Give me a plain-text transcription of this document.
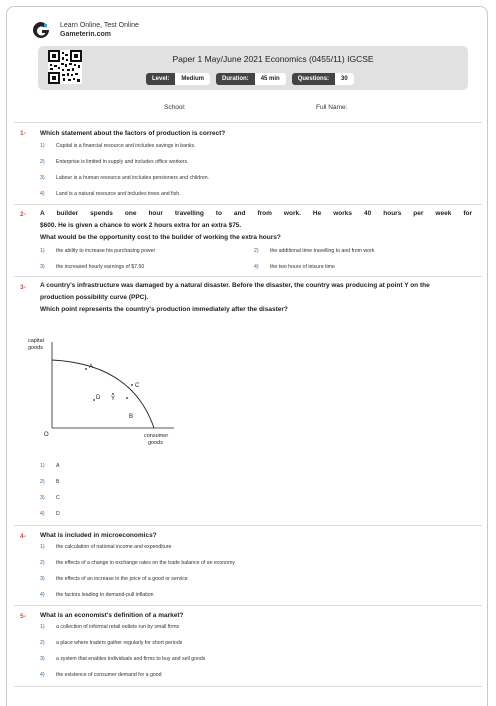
Learn Online, Test Online
Gameterin.com
Paper 1 May/June 2021 Economics (0455/11) IGCSE
Level:	Medium	Duration:	45 min	Questions:	30
School:	Full Name:
1- Which statement about the factors of production is correct?
1)	Capital is a financial resource and includes savings in banks.
2)	Enterprise is limited in supply and includes office workers.
3)	Labour is a human resource and includes pensioners and children.
4)	Land is a natural resource and includes trees and fish.
2- A builder spends one hour travelling to and from work. He works 40 hours per week for
$600. He is given a chance to work 2 hours extra for an extra $75.
What would be the opportunity cost to the builder of working the extra hours?
1)	the ability to increase his purchasing power	2)	the additional time travelling to and from work
3)	the increased hourly earnings of $7.50	4)	the two hours of leisure time
3- A country's infrastructure was damaged by a natural disaster. Before the disaster, the country was producing at point Y on the
production possibility curve (PPC).
Which point represents the country's production immediately after the disaster?
capital
goods
O	consumer
goods
A
C
Y
D
B
1)	A
2)	B
3)	C
4)	D
4- What is included in microeconomics?
1)	the calculation of national income and expenditure
2)	the effects of a change in exchange rates on the trade balance of an economy
3)	the effects of an increase in the price of a good or service
4)	the factors leading to demand-pull inflation
5- What is an economist's definition of a market?
1)	a collection of informal retail outlets run by small firms
2)	a place where traders gather regularly for short periods
3)	a system that enables individuals and firms to buy and sell goods
4)	the existence of consumer demand for a good
